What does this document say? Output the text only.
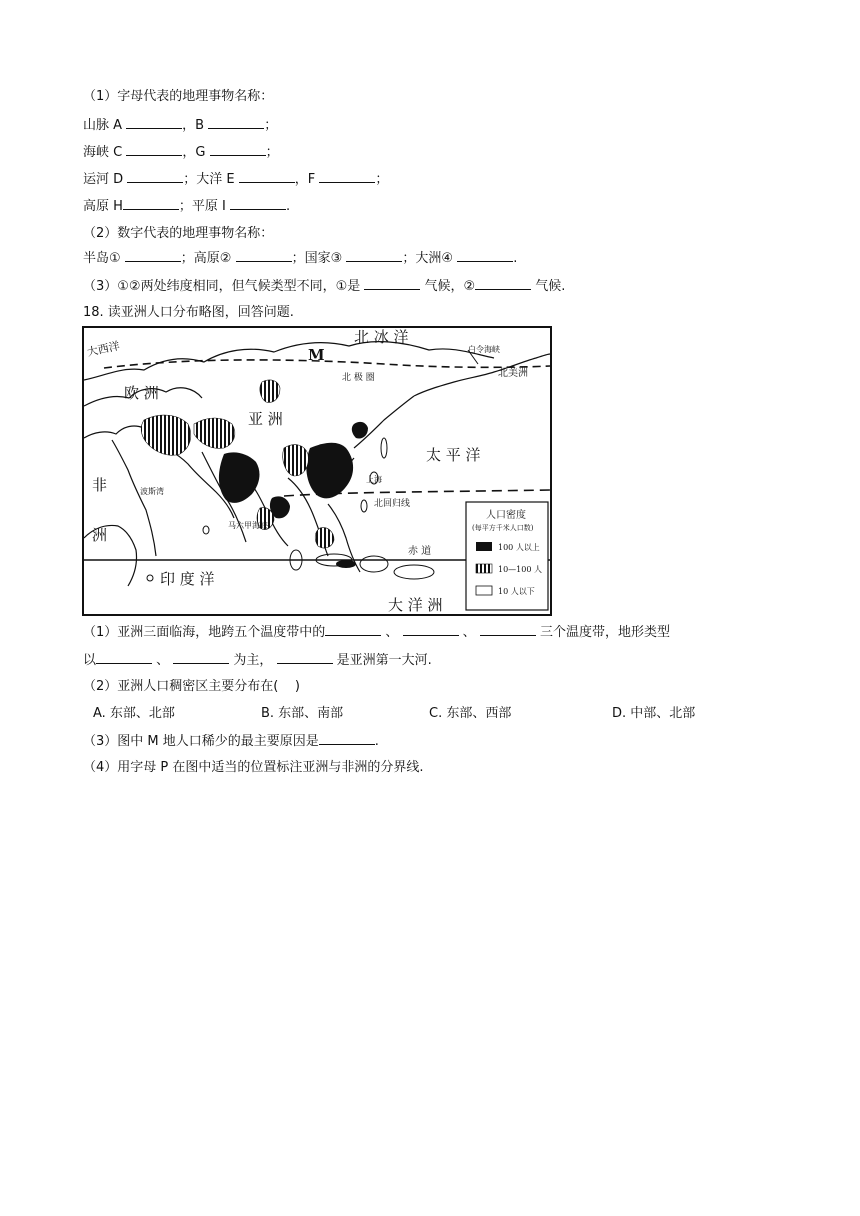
（1）字母代表的地理事物名称：
山脉 A	，B	；
海峡 C	，G	；
运河 D	；大洋 E	，F	；
高原 H	；平原 I	.
（2）数字代表的地理事物名称：
半岛①	；高原②	；国家③	；大洲④	.
（3）①②两处纬度相同，但气候类型不同，①是	气候，②	气候.
18. 读亚洲人口分布略图，回答问题.
北 冰 洋
大西洋	M	白令海峡
北 极 圈	北美洲
欧 洲
亚 洲
太 平 洋
非
洲
波斯湾
上海
北回归线
马六甲海峡
赤 道
印 度 洋
大 洋 洲
人口密度
(每平方千米人口数)
100 人以上
10—100 人
10 人以下
（1）亚洲三面临海，地跨五个温度带中的	、	、	三个温度带，地形类型
以	、	为主，	是亚洲第一大河.
（2）亚洲人口稠密区主要分布在(    )
A. 东部、北部	B. 东部、南部	C. 东部、西部	D. 中部、北部
（3）图中 M 地人口稀少的最主要原因是	.
（4）用字母 P 在图中适当的位置标注亚洲与非洲的分界线.
